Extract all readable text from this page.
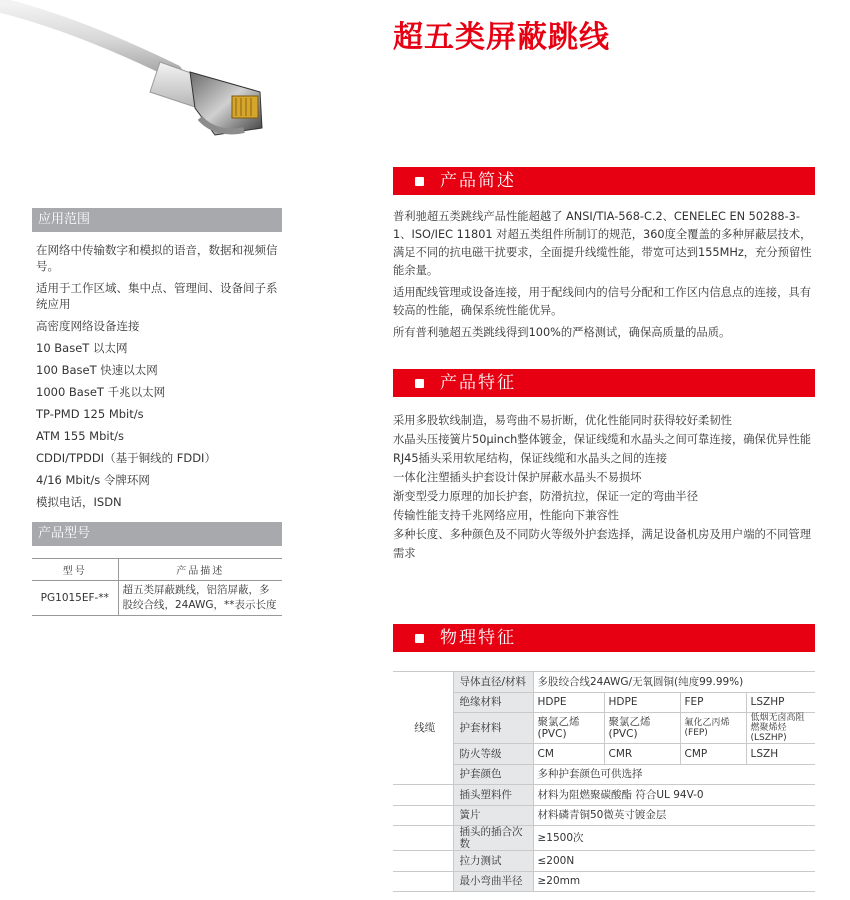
超五类屏蔽跳线
应用范围
在网络中传输数字和模拟的语音，数据和视频信号。
适用于工作区域、集中点、管理间、设备间子系统应用
高密度网络设备连接
10 BaseT 以太网
100 BaseT 快速以太网
1000 BaseT 千兆以太网
TP-PMD 125 Mbit/s
ATM 155 Mbit/s
CDDI/TPDDI（基于铜线的 FDDI）
4/16 Mbit/s 令牌环网
模拟电话，ISDN
产品型号
型号	产品描述
PG1015EF-**	超五类屏蔽跳线，铝箔屏蔽，多股绞合线，24AWG，**表示长度
产品简述

普利驰超五类跳线产品性能超越了 ANSI/TIA-568-C.2、CENELEC EN 50288-3-1、ISO/IEC 11801 对超五类组件所制订的规范，360度全覆盖的多种屏蔽层技术，满足不同的抗电磁干扰要求，全面提升线缆性能，带宽可达到155MHz，充分预留性能余量。

适用配线管理或设备连接，用于配线间内的信号分配和工作区内信息点的连接，具有较高的性能，确保系统性能优异。

所有普利驰超五类跳线得到100%的严格测试，确保高质量的品质。

产品特征
采用多股软线制造，易弯曲不易折断，优化性能同时获得较好柔韧性
水晶头压接簧片50μinch整体镀金，保证线缆和水晶头之间可靠连接，确保优异性能
RJ45插头采用软尾结构，保证线缆和水晶头之间的连接
一体化注塑插头护套设计保护屏蔽水晶头不易损坏
渐变型受力原理的加长护套，防滑抗拉，保证一定的弯曲半径
传输性能支持千兆网络应用，性能向下兼容性
多种长度、多种颜色及不同防火等级外护套选择，满足设备机房及用户端的不同管理需求
物理特征
线缆	导体直径/材料	多股绞合线24AWG/无氧圆铜(纯度99.99%)			
	绝缘材料	HDPE	HDPE	FEP	LSZHP
	护套材料	聚氯乙烯(PVC)	聚氯乙烯(PVC)	氟化乙丙烯(FEP)	低烟无卤高阻燃聚烯烃(LSZHP)
	防火等级	CM	CMR	CMP	LSZH
	护套颜色	多种护套颜色可供选择			
	插头塑料件	材料为阻燃聚碳酸酯 符合UL 94V-0			
	簧片	材料磷青铜50微英寸镀金层			
	插头的插合次数	≥1500次			
	拉力测试	≤200N			
	最小弯曲半径	≥20mm			
